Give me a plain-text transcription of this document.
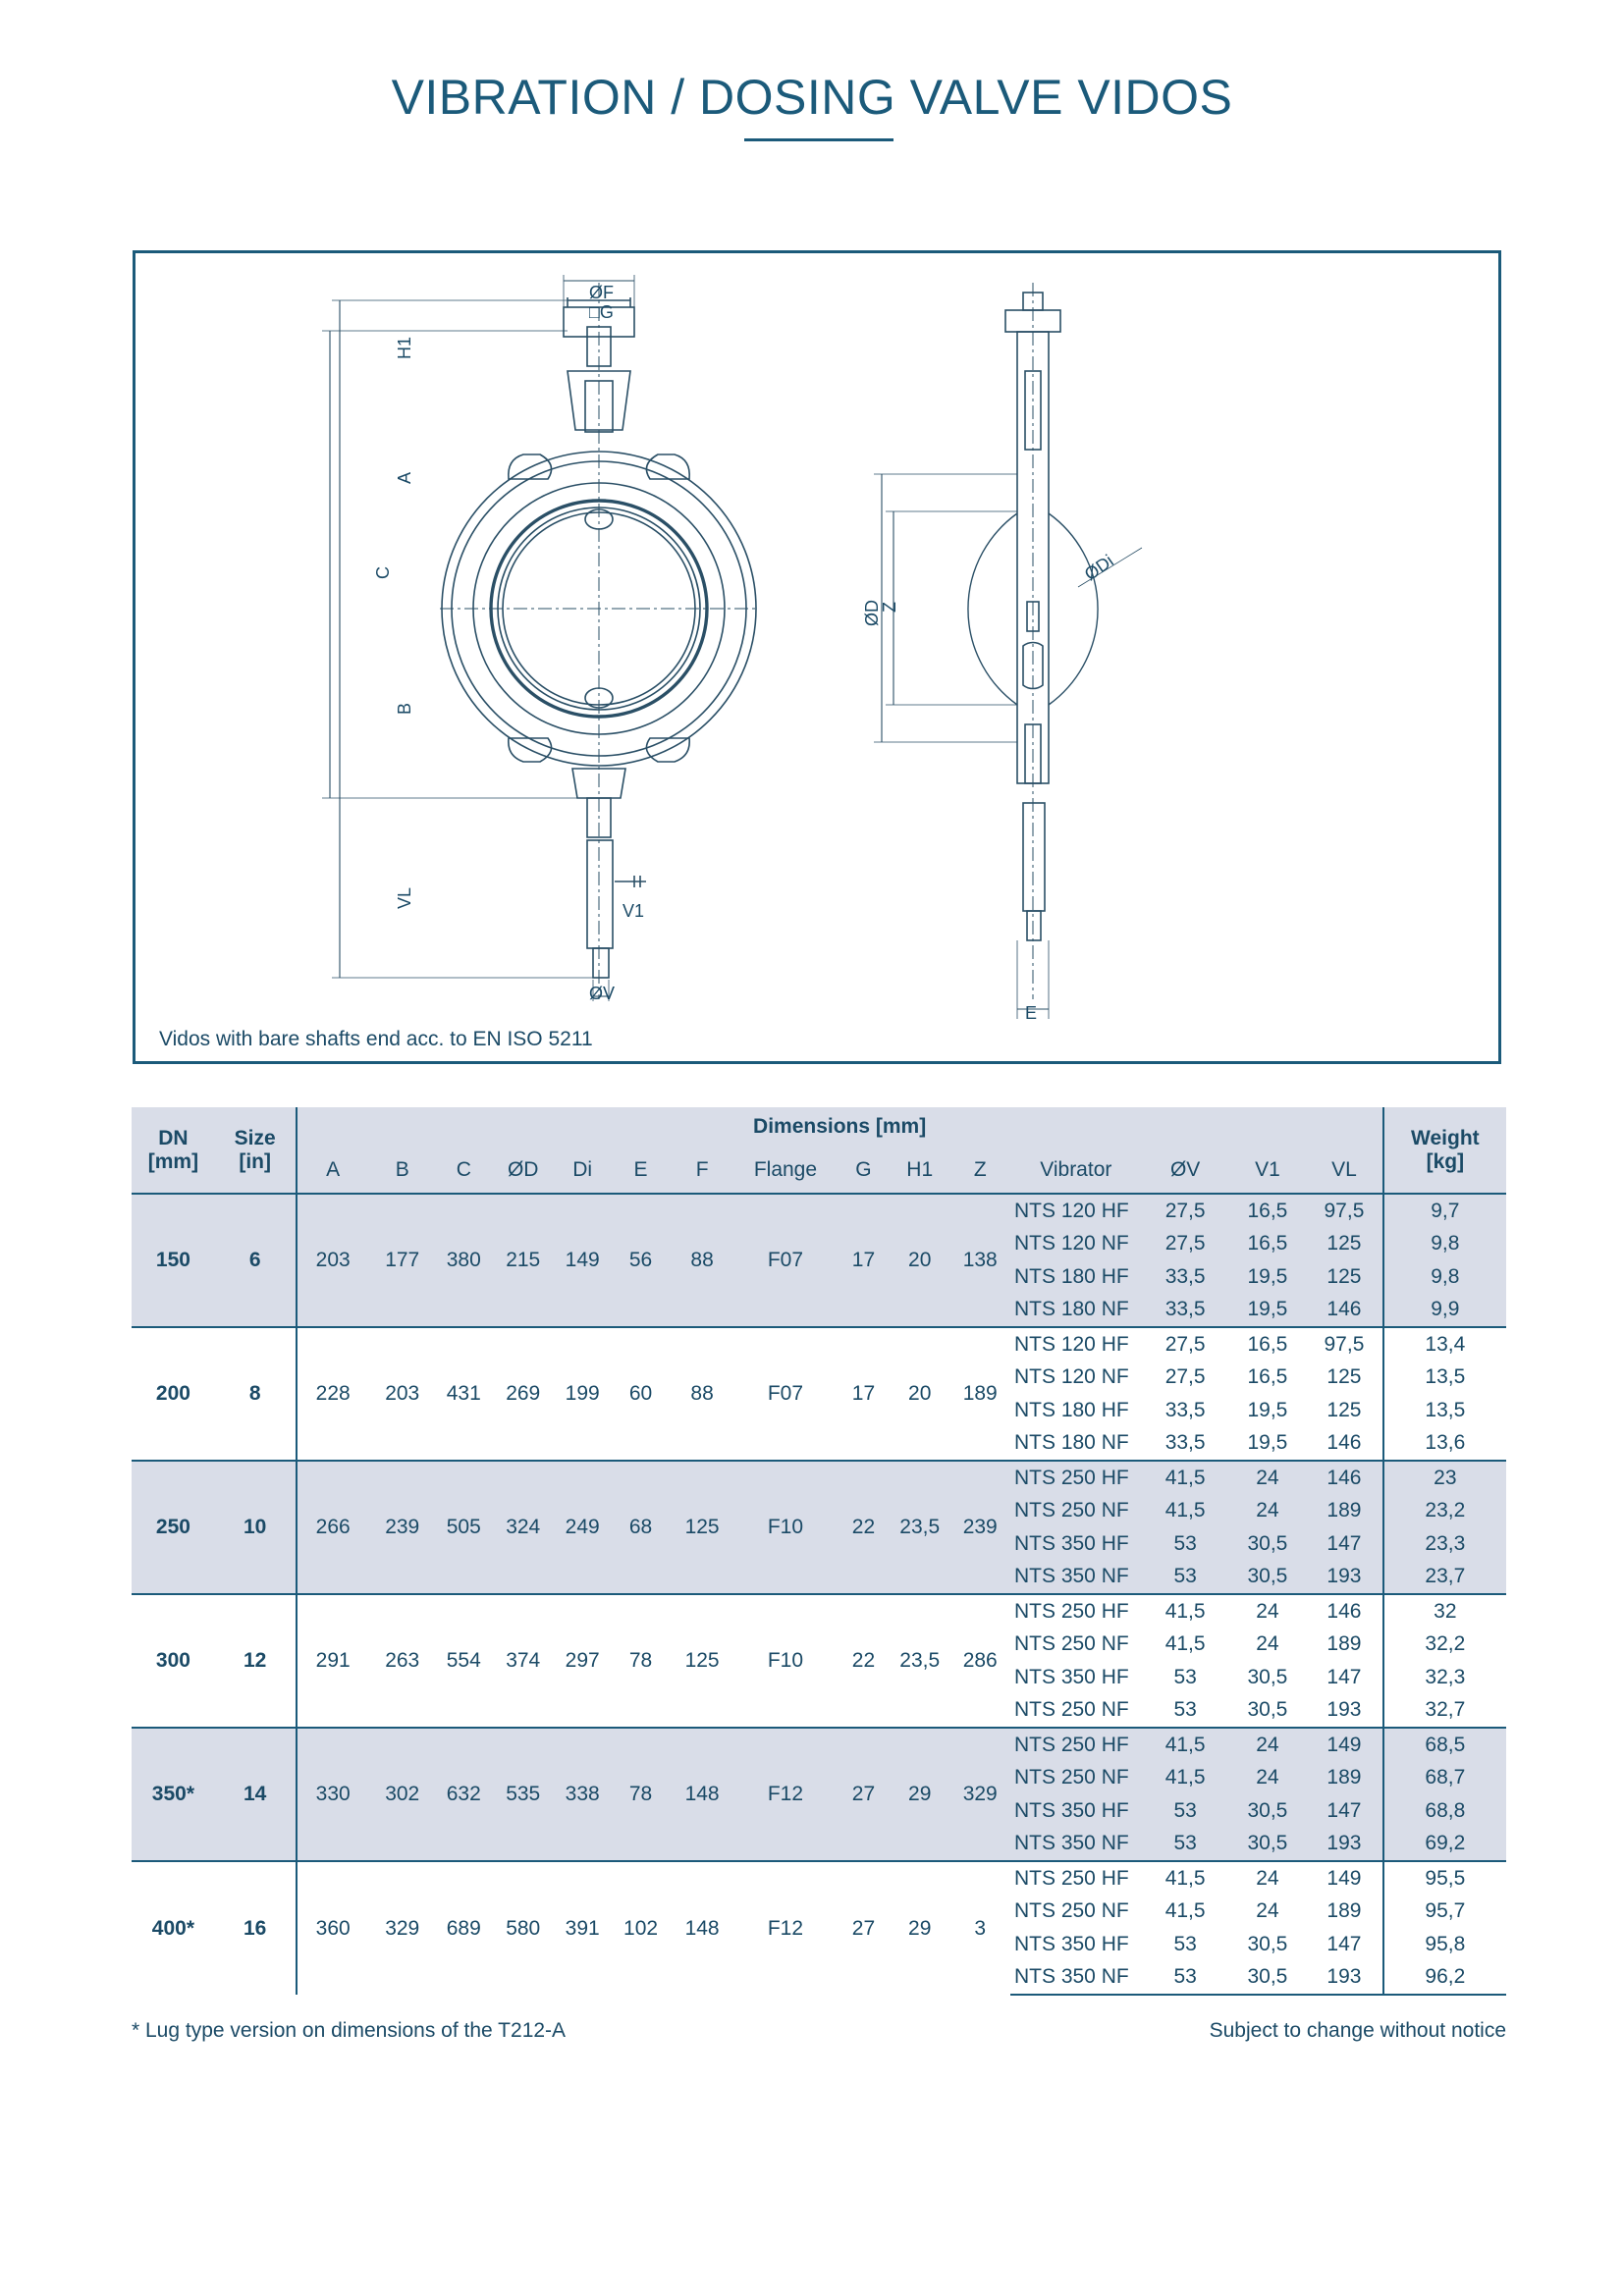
VIBRATION / DOSING VALVE VIDOS
ØF
□G
H1
A
C
B
VL
V1
ØV
ØD
Z
ØDi
E
Vidos with bare shafts end acc. to EN ISO 5211
DN
[mm]	Size
[in]	Dimensions [mm]															Weight
[kg]
		A	B	C	ØD	Di	E	F	Flange	G	H1	Z	Vibrator	ØV	V1	VL	
150	6	203	177	380	215	149	56	88	F07	17	20	138	NTS 120 HF	27,5	16,5	97,5	9,7
													NTS 120 NF	27,5	16,5	125	9,8
													NTS 180 HF	33,5	19,5	125	9,8
													NTS 180 NF	33,5	19,5	146	9,9
200	8	228	203	431	269	199	60	88	F07	17	20	189	NTS 120 HF	27,5	16,5	97,5	13,4
													NTS 120 NF	27,5	16,5	125	13,5
													NTS 180 HF	33,5	19,5	125	13,5
													NTS 180 NF	33,5	19,5	146	13,6
250	10	266	239	505	324	249	68	125	F10	22	23,5	239	NTS 250 HF	41,5	24	146	23
													NTS 250 NF	41,5	24	189	23,2
													NTS 350 HF	53	30,5	147	23,3
													NTS 350 NF	53	30,5	193	23,7
300	12	291	263	554	374	297	78	125	F10	22	23,5	286	NTS 250 HF	41,5	24	146	32
													NTS 250 NF	41,5	24	189	32,2
													NTS 350 HF	53	30,5	147	32,3
													NTS 250 NF	53	30,5	193	32,7
350*	14	330	302	632	535	338	78	148	F12	27	29	329	NTS 250 HF	41,5	24	149	68,5
													NTS 250 NF	41,5	24	189	68,7
													NTS 350 HF	53	30,5	147	68,8
													NTS 350 NF	53	30,5	193	69,2
400*	16	360	329	689	580	391	102	148	F12	27	29	3	NTS 250 HF	41,5	24	149	95,5
													NTS 250 NF	41,5	24	189	95,7
													NTS 350 HF	53	30,5	147	95,8
													NTS 350 NF	53	30,5	193	96,2
* Lug type version on dimensions of the T212-A	Subject to change without notice
